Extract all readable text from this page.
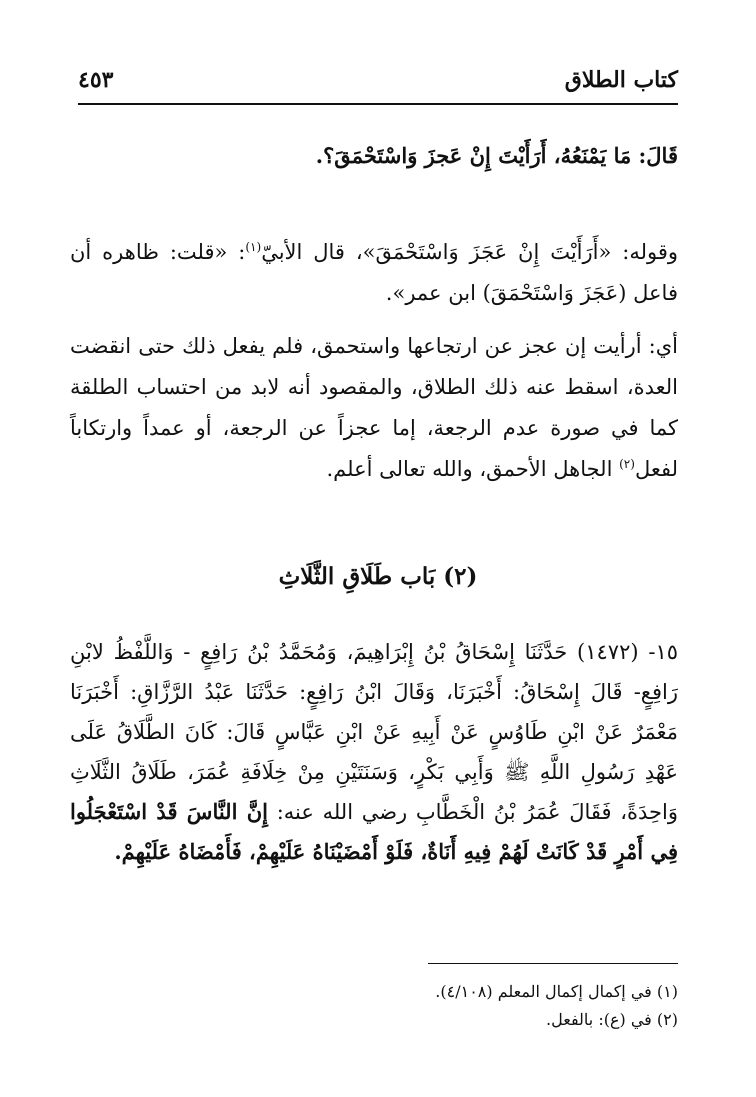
كتاب الطلاق
٤٥٣
قَالَ: مَا يَمْنَعُهُ، أَرَأَيْتَ إِنْ عَجزَ وَاسْتَحْمَقَ؟.
وقوله: «أَرَأَيْتَ إِنْ عَجَزَ وَاسْتَحْمَقَ»، قال الأبيّ$^{(١)}$: «قلت: ظاهره أن فاعل (عَجَزَ وَاسْتَحْمَقَ) ابن عمر».
أي: أرأيت إن عجز عن ارتجاعها واستحمق، فلم يفعل ذلك حتى انقضت العدة، اسقط عنه ذلك الطلاق، والمقصود أنه لابد من احتساب الطلقة كما في صورة عدم الرجعة، إما عجزاً عن الرجعة، أو عمداً وارتكاباً لفعل$^{(٢)}$ الجاهل الأحمق، والله تعالى أعلم.
(٢) بَاب طَلَاقِ الثَّلَاثِ
١٥- (١٤٧٢) حَدَّثَنَا إِسْحَاقُ بْنُ إِبْرَاهِيمَ، وَمُحَمَّدُ بْنُ رَافِعٍ - وَاللَّفْظُ لابْنِ رَافِعٍ- قَالَ إِسْحَاقُ: أَخْبَرَنَا، وَقَالَ ابْنُ رَافِعٍ: حَدَّثَنَا عَبْدُ الرَّزَّاقِ: أَخْبَرَنَا مَعْمَرٌ عَنْ ابْنِ طَاوُسٍ عَنْ أَبِيهِ عَنْ ابْنِ عَبَّاسٍ قَالَ: كَانَ الطَّلَاقُ عَلَى عَهْدِ رَسُولِ اللَّهِ ﷺ وَأَبِي بَكْرٍ، وَسَنَتَيْنِ مِنْ خِلَافَةِ عُمَرَ، طَلَاقُ الثَّلَاثِ وَاحِدَةً، فَقَالَ عُمَرُ بْنُ الْخَطَّابِ رضي الله عنه: إِنَّ النَّاسَ قَدْ اسْتَعْجَلُوا فِي أَمْرٍ قَدْ كَانَتْ لَهُمْ فِيهِ أَنَاةٌ، فَلَوْ أَمْضَيْنَاهُ عَلَيْهِمْ، فَأَمْضَاهُ عَلَيْهِمْ.
(١) في إكمال إكمال المعلم (٤/١٠٨).
(٢) في (ع): بالفعل.
